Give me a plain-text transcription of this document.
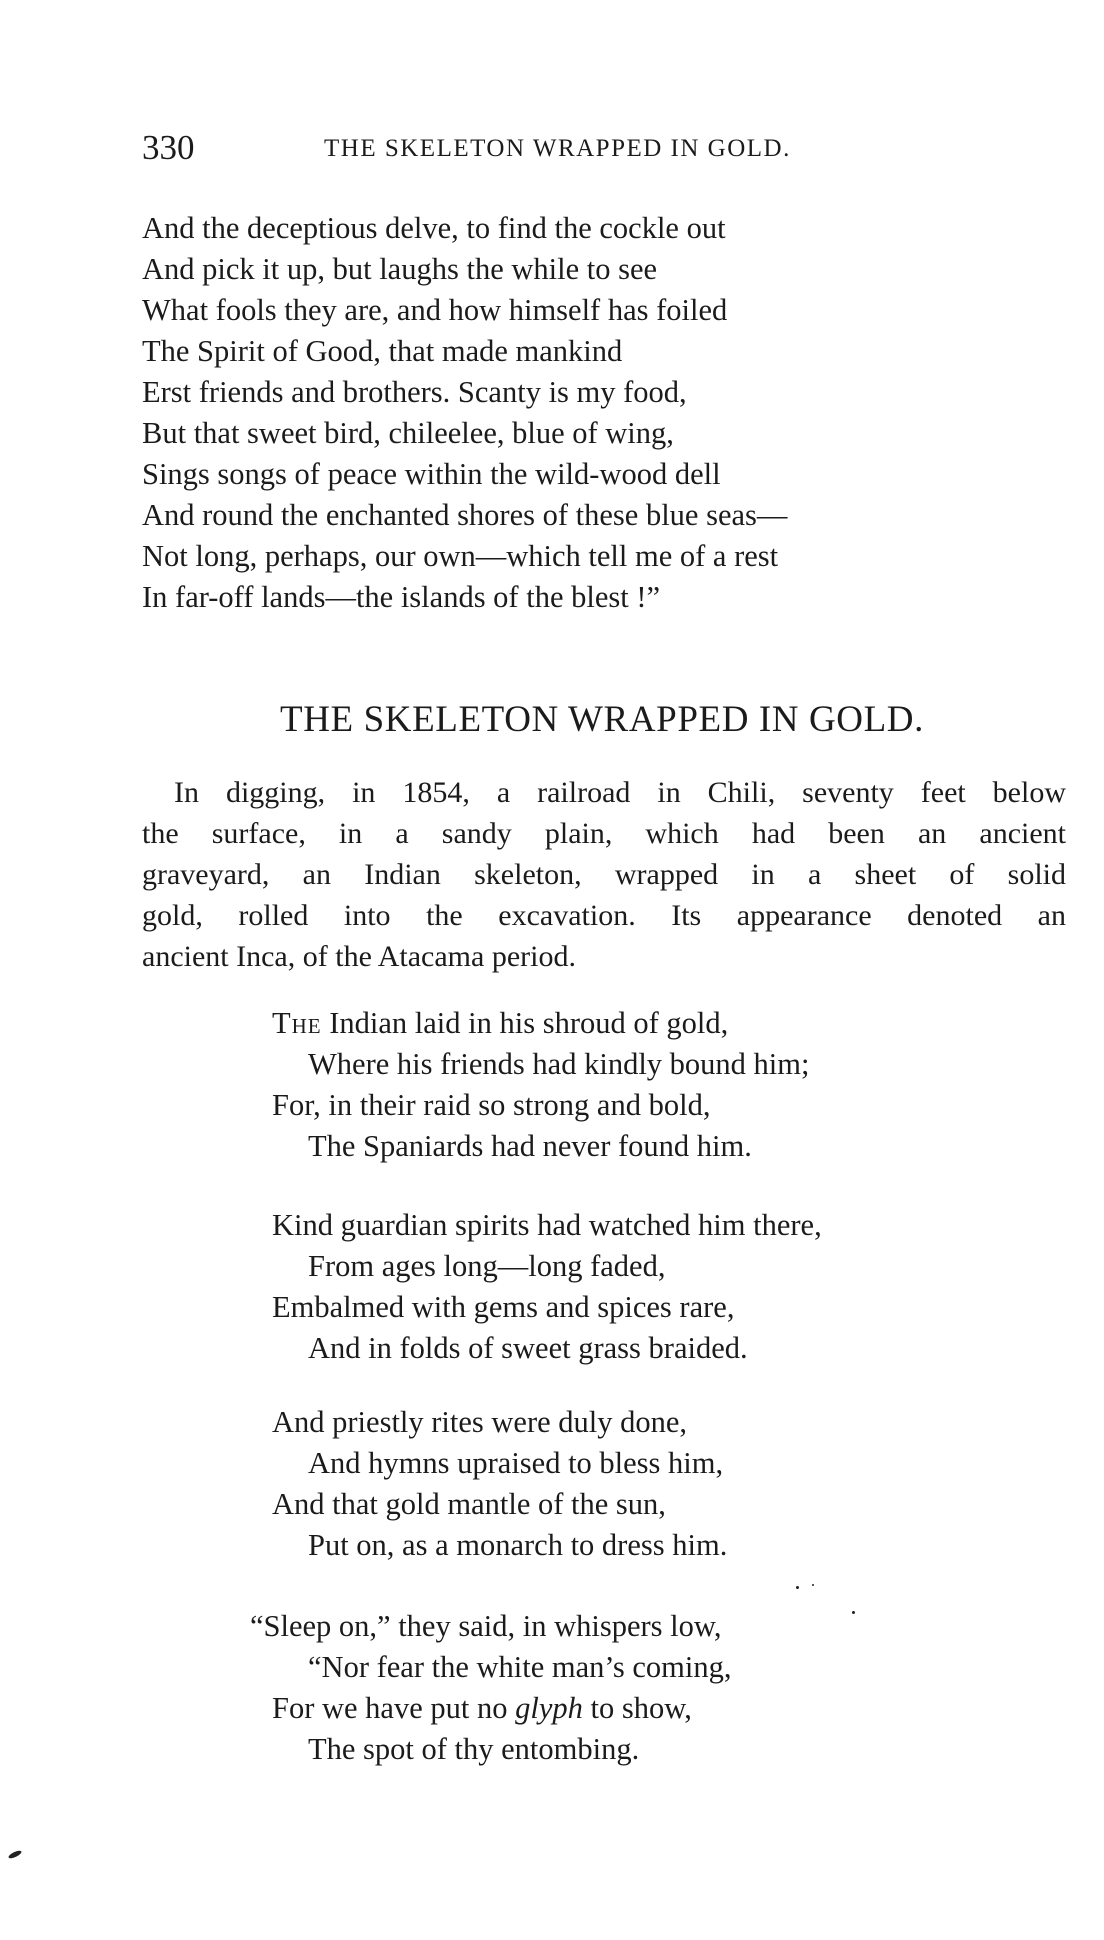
330	THE SKELETON WRAPPED IN GOLD.
And the deceptious delve, to find the cockle out
And pick it up, but laughs the while to see
What fools they are, and how himself has foiled
The Spirit of Good, that made mankind
Erst friends and brothers. Scanty is my food,
But that sweet bird, chileelee, blue of wing,
Sings songs of peace within the wild-wood dell
And round the enchanted shores of these blue seas—
Not long, perhaps, our own—which tell me of a rest
In far-off lands—the islands of the blest !”
THE SKELETON WRAPPED IN GOLD.
In digging, in 1854, a railroad in Chili, seventy feet below
the surface, in a sandy plain, which had been an ancient
graveyard, an Indian skeleton, wrapped in a sheet of solid
gold, rolled into the excavation. Its appearance denoted an
ancient Inca, of the Atacama period.
The Indian laid in his shroud of gold,
Where his friends had kindly bound him;
For, in their raid so strong and bold,
The Spaniards had never found him.
Kind guardian spirits had watched him there,
From ages long—long faded,
Embalmed with gems and spices rare,
And in folds of sweet grass braided.
And priestly rites were duly done,
And hymns upraised to bless him,
And that gold mantle of the sun,
Put on, as a monarch to dress him.
“Sleep on,” they said, in whispers low,
“Nor fear the white man’s coming,
For we have put no glyph to show,
The spot of thy entombing.
